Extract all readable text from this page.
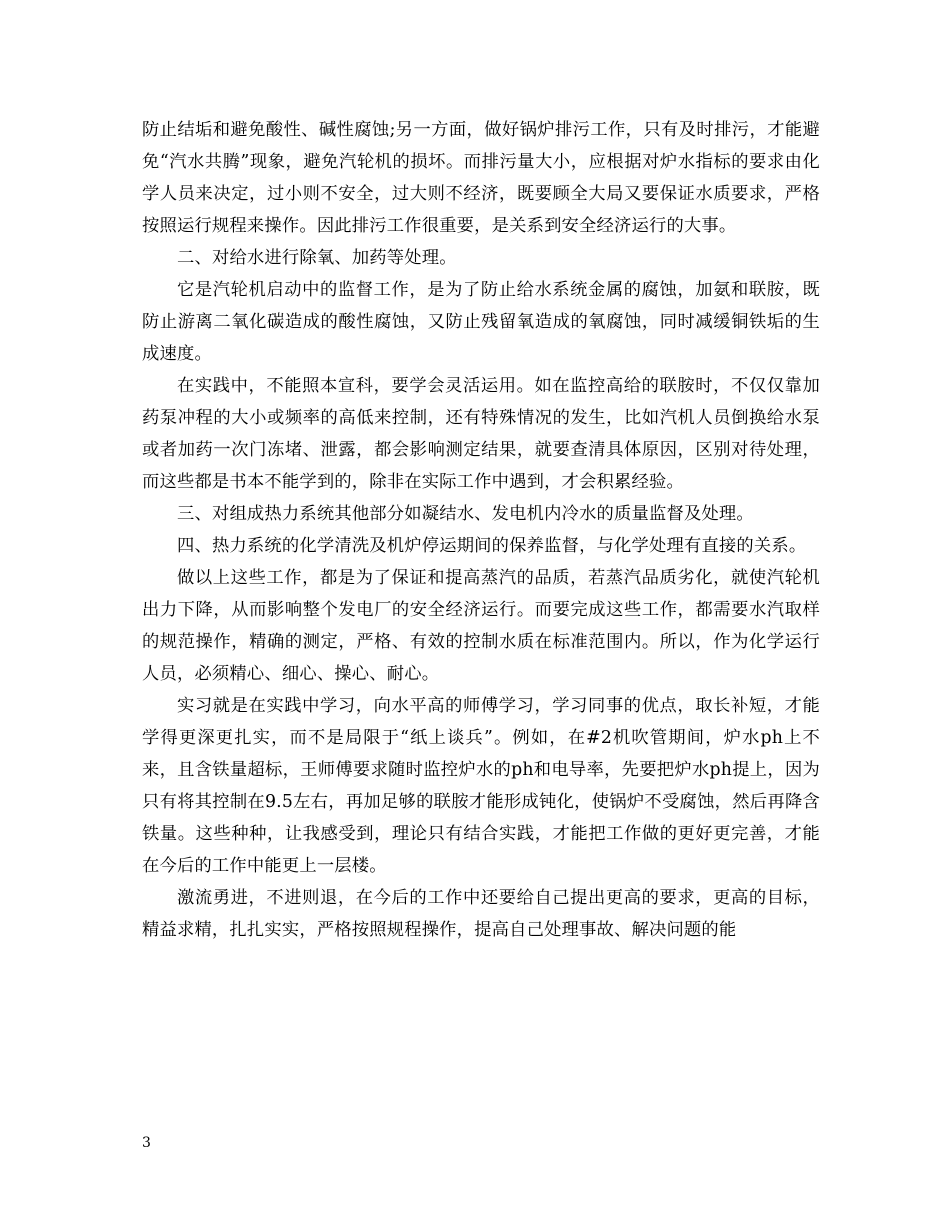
防止结垢和避免酸性、碱性腐蚀;另一方面，做好锅炉排污工作，只有及时排污，才能避免“汽水共腾”现象，避免汽轮机的损坏。而排污量大小，应根据对炉水指标的要求由化学人员来决定，过小则不安全，过大则不经济，既要顾全大局又要保证水质要求，严格按照运行规程来操作。因此排污工作很重要，是关系到安全经济运行的大事。

二、对给水进行除氧、加药等处理。

它是汽轮机启动中的监督工作，是为了防止给水系统金属的腐蚀，加氨和联胺，既防止游离二氧化碳造成的酸性腐蚀，又防止残留氧造成的氧腐蚀，同时减缓铜铁垢的生成速度。

在实践中，不能照本宣科，要学会灵活运用。如在监控高给的联胺时，不仅仅靠加药泵冲程的大小或频率的高低来控制，还有特殊情况的发生，比如汽机人员倒换给水泵或者加药一次门冻堵、泄露，都会影响测定结果，就要查清具体原因，区别对待处理，而这些都是书本不能学到的，除非在实际工作中遇到，才会积累经验。

三、对组成热力系统其他部分如凝结水、发电机内冷水的质量监督及处理。

四、热力系统的化学清洗及机炉停运期间的保养监督，与化学处理有直接的关系。

做以上这些工作，都是为了保证和提高蒸汽的品质，若蒸汽品质劣化，就使汽轮机出力下降，从而影响整个发电厂的安全经济运行。而要完成这些工作，都需要水汽取样的规范操作，精确的测定，严格、有效的控制水质在标准范围内。所以，作为化学运行人员，必须精心、细心、操心、耐心。

实习就是在实践中学习，向水平高的师傅学习，学习同事的优点，取长补短，才能学得更深更扎实，而不是局限于“纸上谈兵”。例如，在#2机吹管期间，炉水ph上不来，且含铁量超标，王师傅要求随时监控炉水的ph和电导率，先要把炉水ph提上，因为只有将其控制在9.5左右，再加足够的联胺才能形成钝化，使锅炉不受腐蚀，然后再降含铁量。这些种种，让我感受到，理论只有结合实践，才能把工作做的更好更完善，才能在今后的工作中能更上一层楼。

激流勇进，不进则退，在今后的工作中还要给自己提出更高的要求，更高的目标，精益求精，扎扎实实，严格按照规程操作，提高自己处理事故、解决问题的能

3
